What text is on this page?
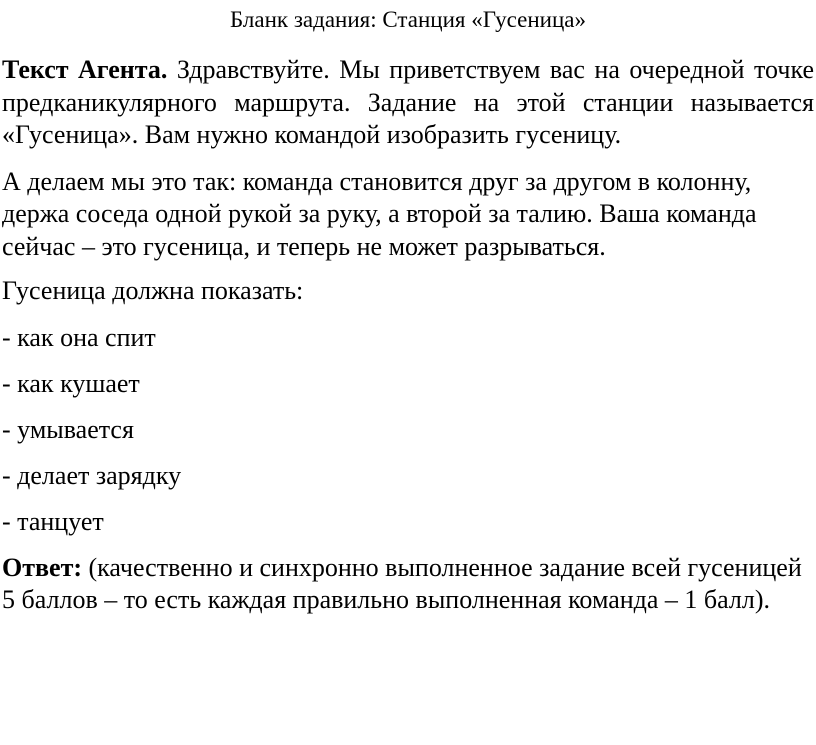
Бланк задания: Станция «Гусеница»

Текст Агента. Здравствуйте. Мы приветствуем вас на очередной точке предканикулярного маршрута. Задание на этой станции называется «Гусеница». Вам нужно командой изобразить гусеницу.

А делаем мы это так: команда становится друг за другом в колонну, держа соседа одной рукой за руку, а второй за талию. Ваша команда сейчас – это гусеница, и теперь не может разрываться.

Гусеница должна показать:

- как она спит

- как кушает

- умывается

- делает зарядку

- танцует

Ответ: (качественно и синхронно выполненное задание всей гусеницей 5 баллов – то есть каждая правильно выполненная команда – 1 балл).
